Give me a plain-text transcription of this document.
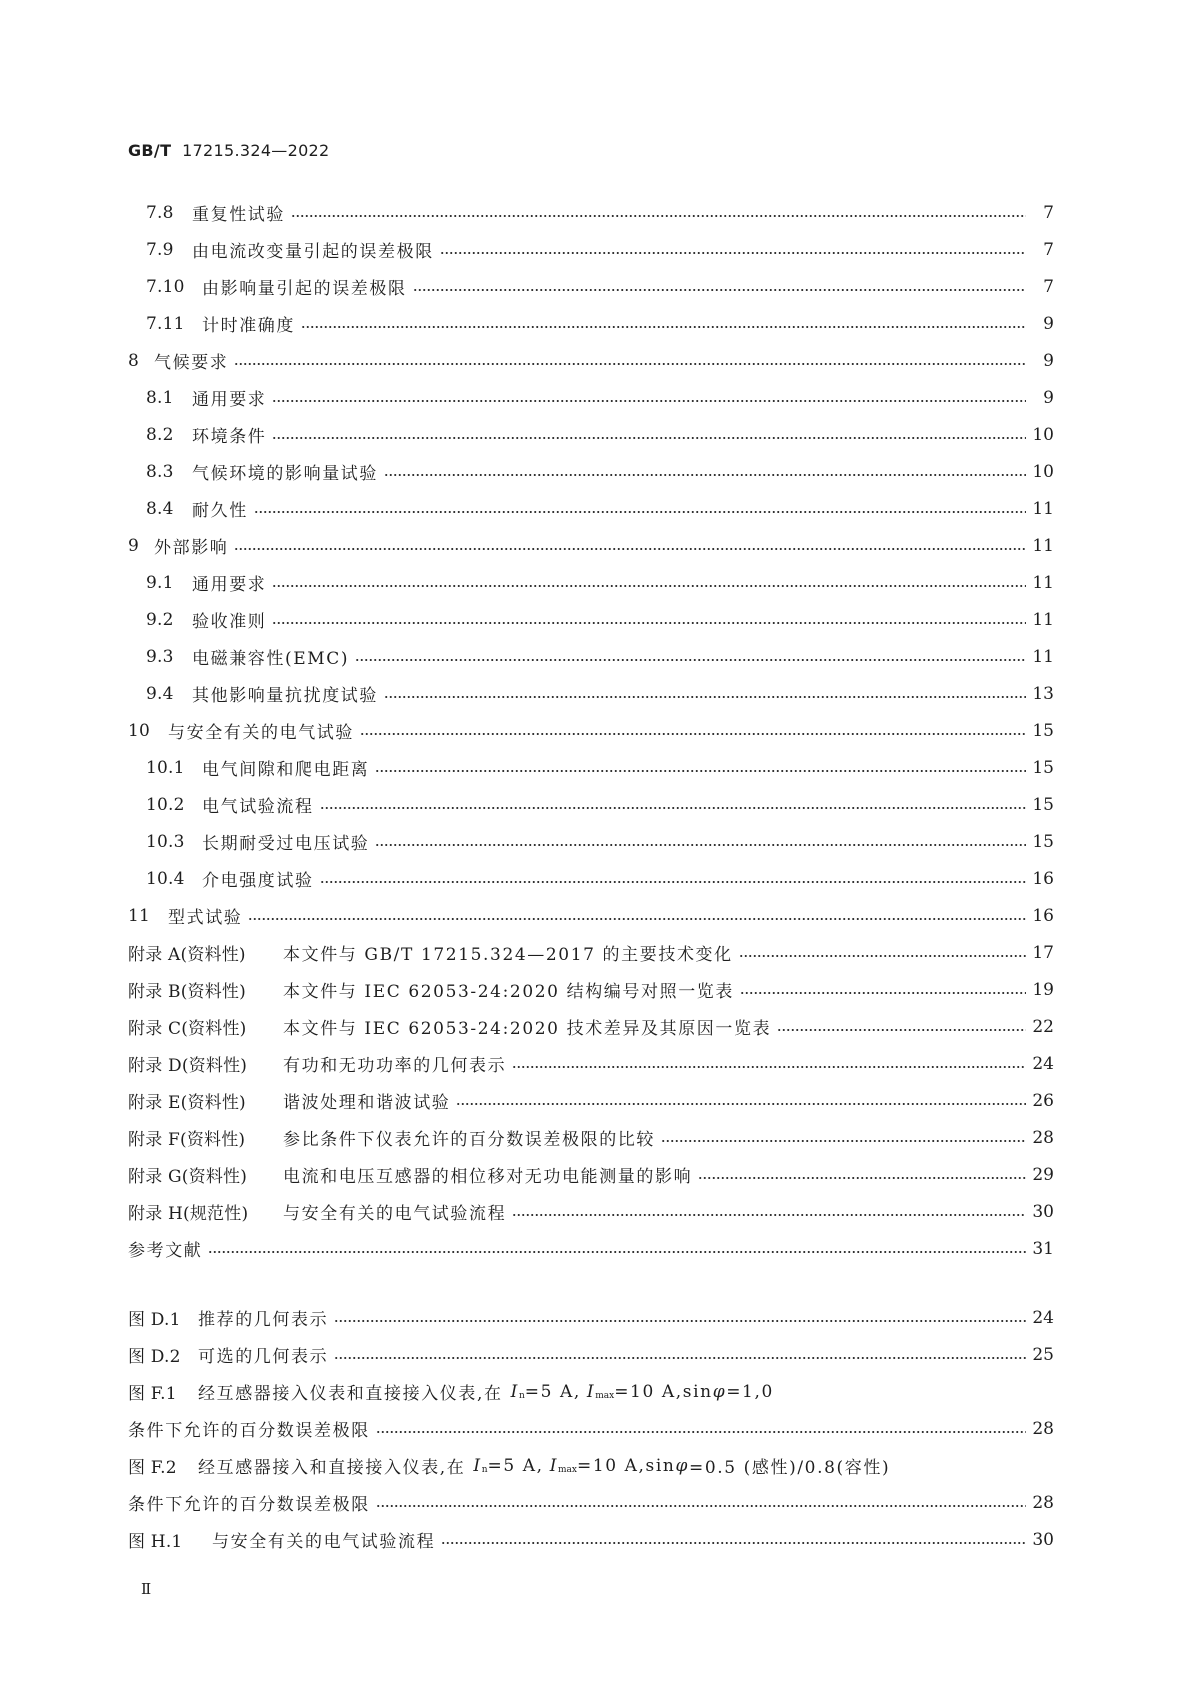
GB/T 17215.324—2022
7.8	重复性试验	7
7.9	由电流改变量引起的误差极限	7
7.10	由影响量引起的误差极限	7
7.11	计时准确度	9
8 气候要求	9
8.1	通用要求	9
8.2	环境条件	10
8.3	气候环境的影响量试验	10
8.4	耐久性	11
9 外部影响	11
9.1	通用要求	11
9.2	验收准则	11
9.3	电磁兼容性(EMC)	11
9.4	其他影响量抗扰度试验	13
10	与安全有关的电气试验	15
10.1	电气间隙和爬电距离	15
10.2	电气试验流程	15
10.3	长期耐受过电压试验	15
10.4	介电强度试验	16
11	型式试验	16
附录 A(资料性)	本文件与 GB/T 17215.324—2017 的主要技术变化	17
附录 B(资料性)	本文件与 IEC 62053-24:2020 结构编号对照一览表	19
附录 C(资料性)	本文件与 IEC 62053-24:2020 技术差异及其原因一览表	22
附录 D(资料性)	有功和无功功率的几何表示	24
附录 E(资料性)	谐波处理和谐波试验	26
附录 F(资料性)	参比条件下仪表允许的百分数误差极限的比较	28
附录 G(资料性)	电流和电压互感器的相位移对无功电能测量的影响	29
附录 H(规范性)	与安全有关的电气试验流程	30
参考文献	31
图 D.1	推荐的几何表示	24
图 D.2	可选的几何表示	25
图 F.1	经互感器接入仪表和直接接入仪表,在 I n =5 A, I max =10 A,sin φ =1,0
条件下允许的百分数误差极限	28
图 F.2	经互感器接入和直接接入仪表,在 I n =5 A, I max =10 A,sin φ =0.5 (感性)/0.8(容性)
条件下允许的百分数误差极限	28
图 H.1	与安全有关的电气试验流程	30
Ⅱ
